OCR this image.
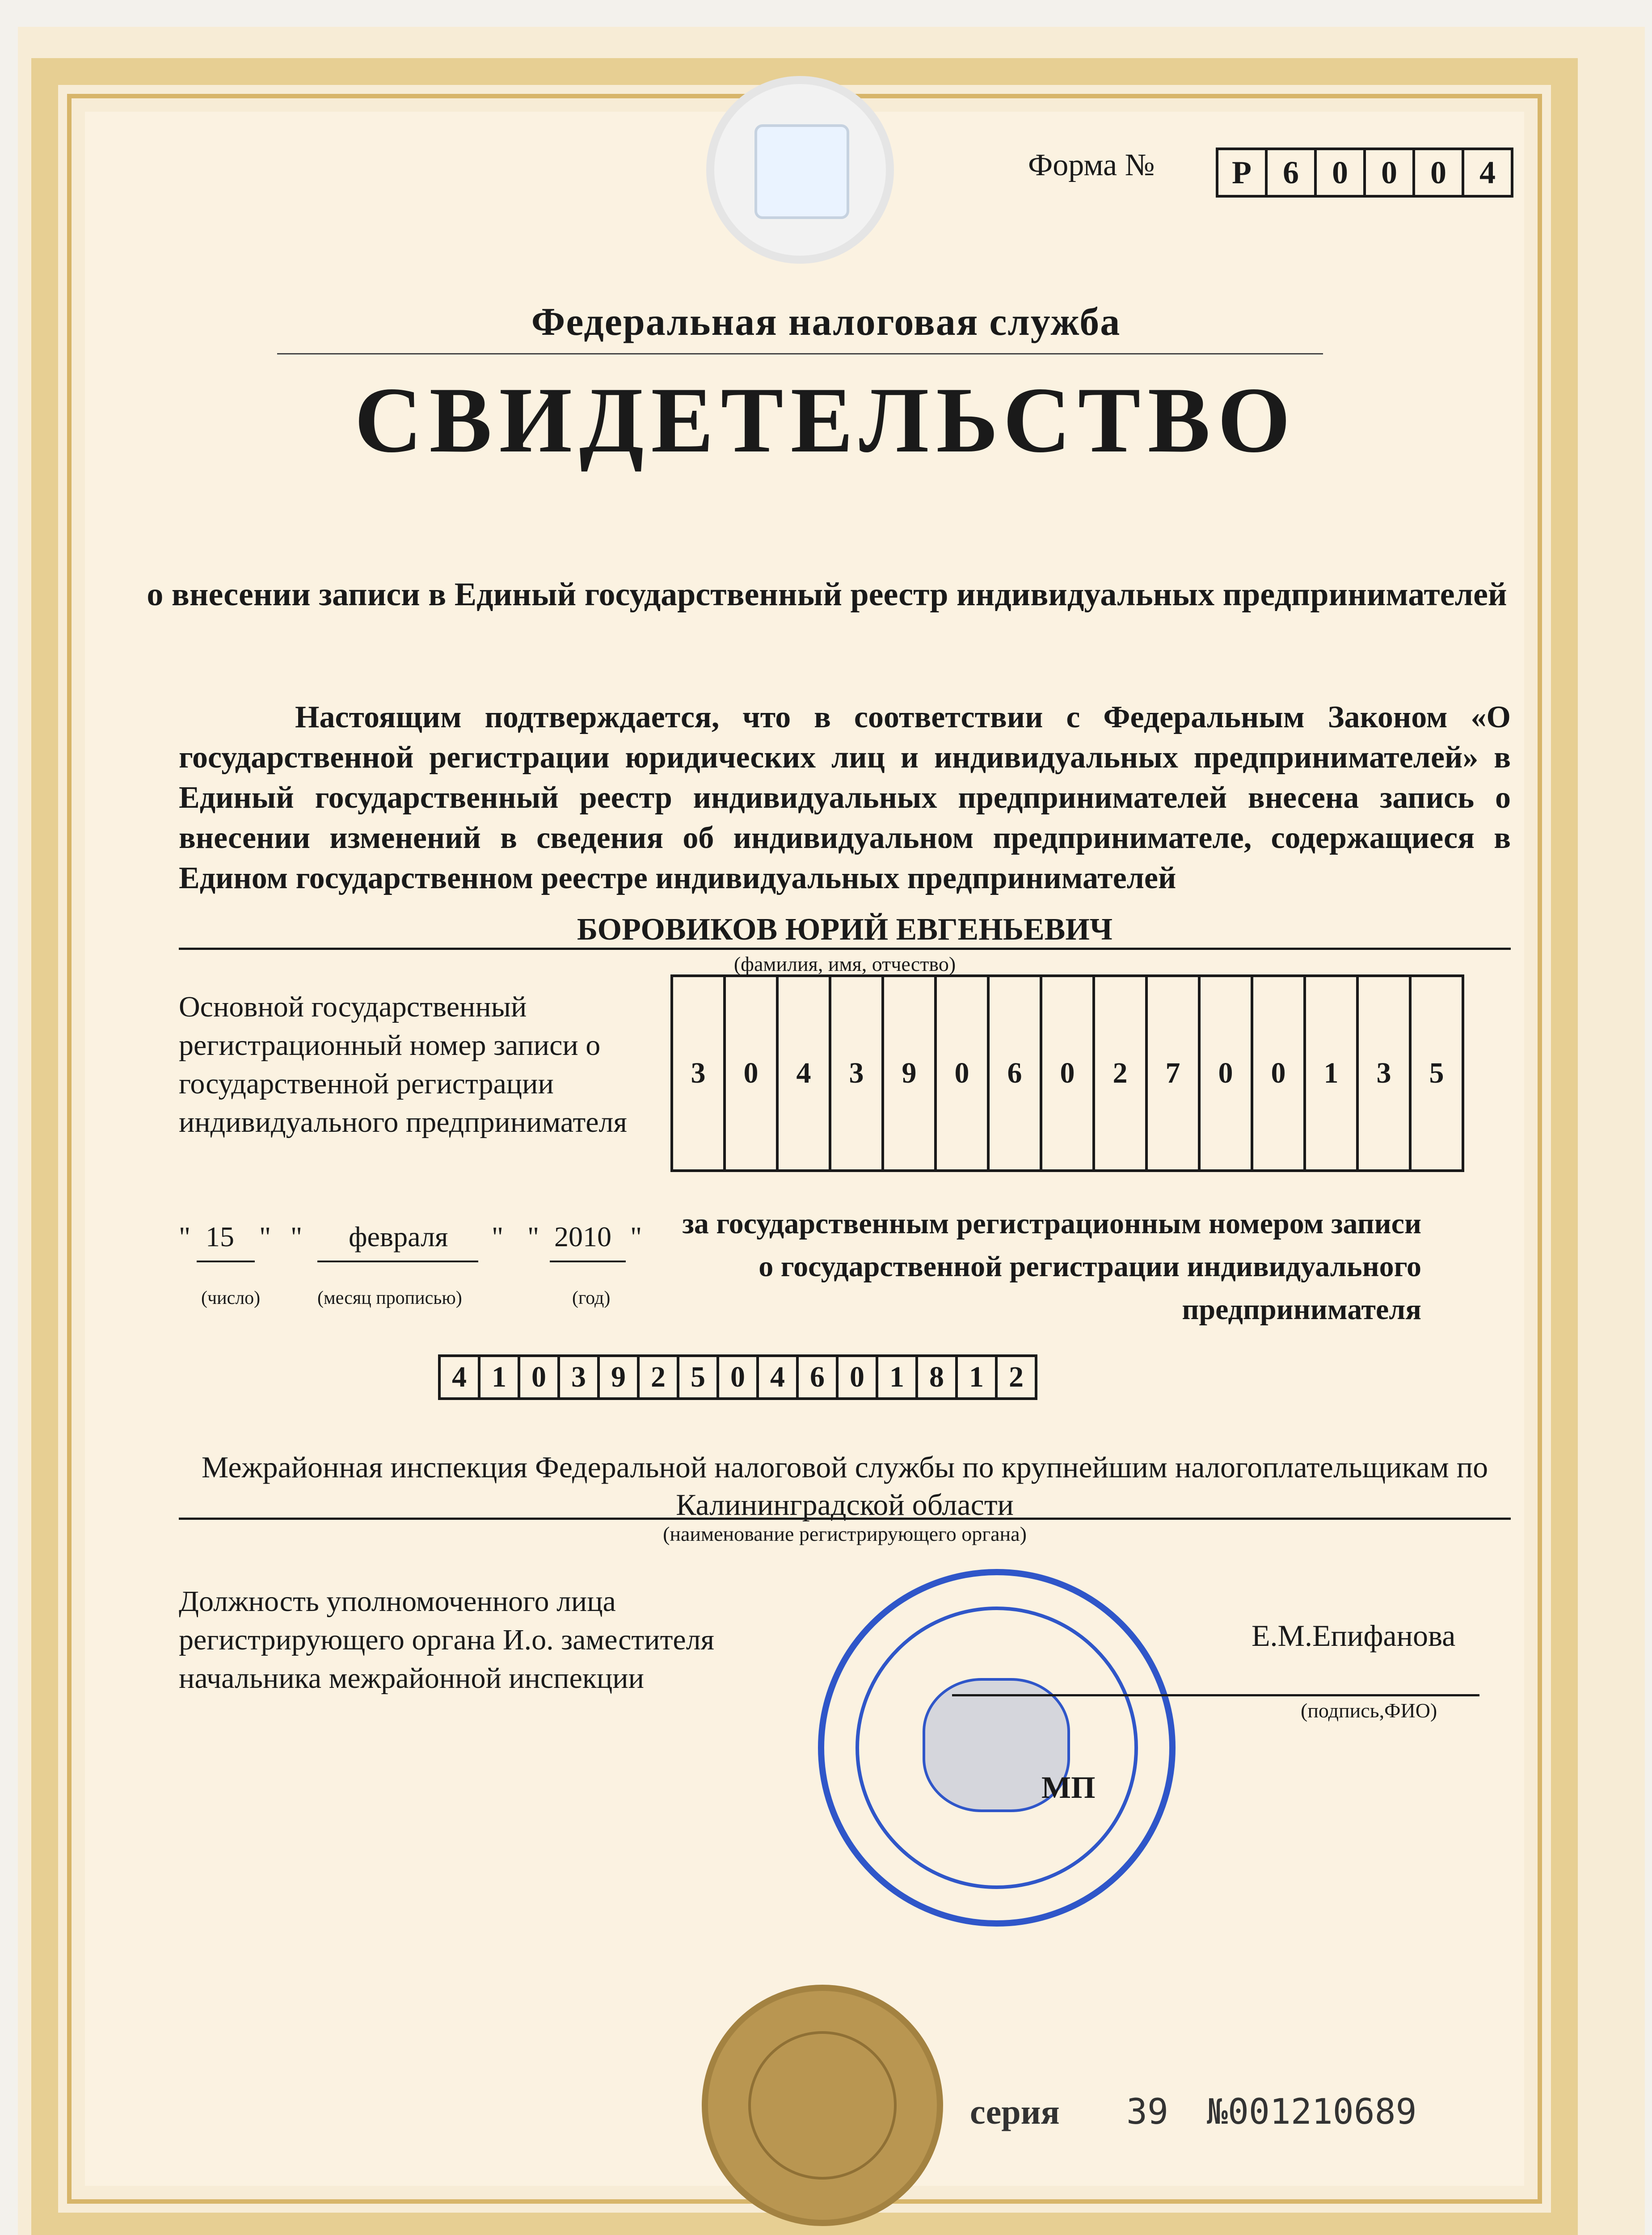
Форма №	Р 6	0	0	0	4
Федеральная налоговая служба
СВИДЕТЕЛЬСТВО
о внесении записи в Единый государственный реестр индивидуальных предпринимателей
Настоящим подтверждается, что в соответствии с Федеральным Законом «О государственной регистрации юридических лиц и индивидуальных предпринимателей» в Единый государственный реестр индивидуальных предпринимателей внесена запись о внесении изменений в сведения об индивидуальном предпринимателе, содержащиеся в Едином государственном реестре индивидуальных предпринимателей
БОРОВИКОВ ЮРИЙ ЕВГЕНЬЕВИЧ
(фамилия, имя, отчество)
Основной государственный регистрационный номер записи о государственной регистрации индивидуального предпринимателя
3	0	4	3	9	0	6	0	2	7	0	0	1	3	5
" 15 " " февраля " " 2010 "
(число)	(месяц прописью)	(год)
за государственным регистрационным номером записи о государственной регистрации индивидуального предпринимателя
4 1 0 3 9 2 5 0 4 6 0 1 8 1 2
Межрайонная инспекция Федеральной налоговой службы по крупнейшим налогоплательщикам по Калининградской области
(наименование регистрирующего органа)
Должность уполномоченного лица регистрирующего органа И.о. заместителя начальника межрайонной инспекции
Е.М.Епифанова
(подпись,ФИО)
МП
серия 39 №001210689
